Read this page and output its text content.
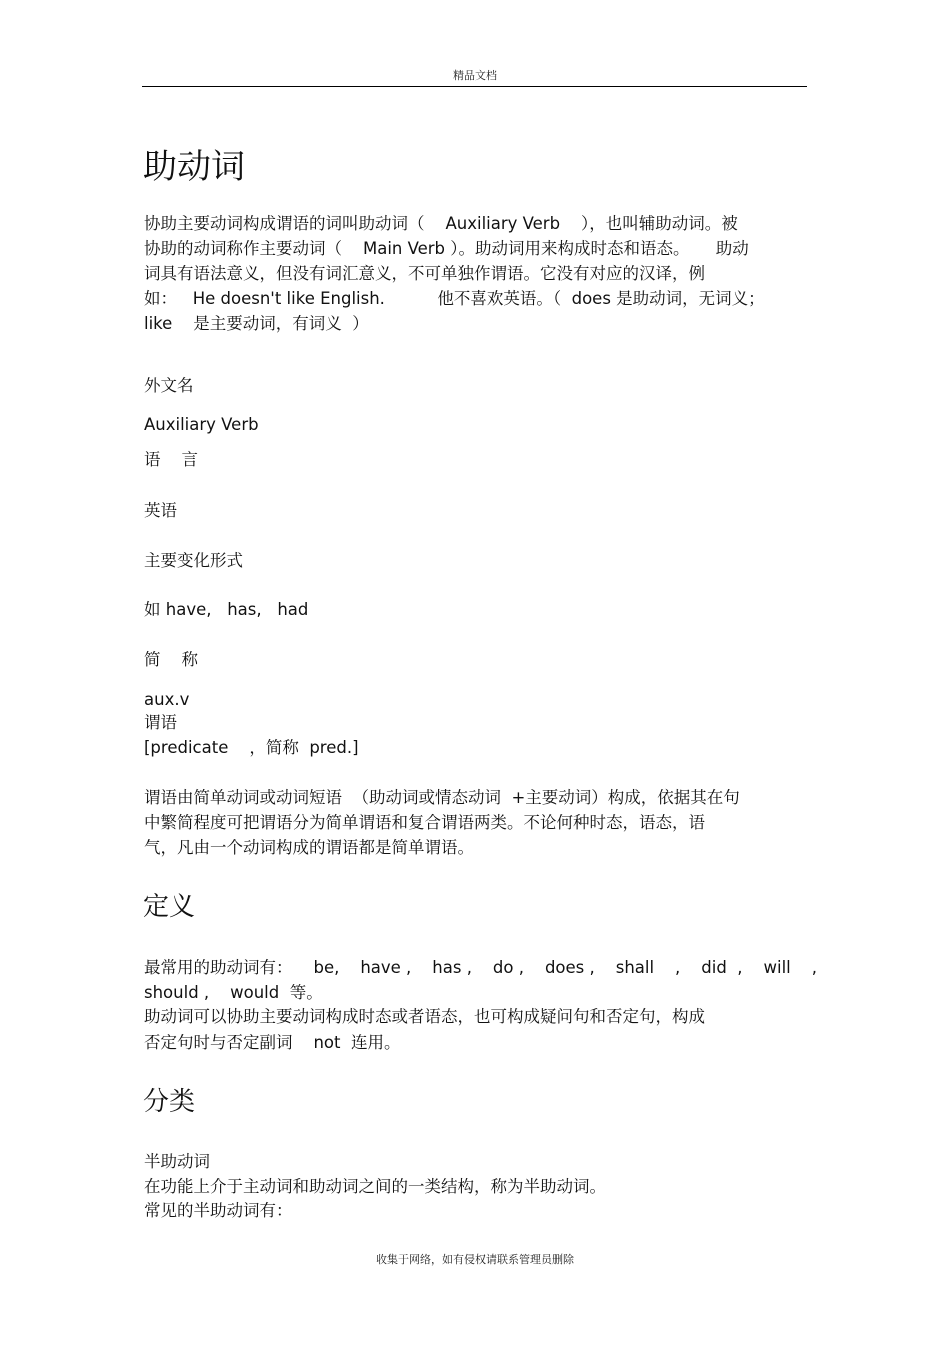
精品文档
助动词
协助主要动词构成谓语的词叫助动词（    Auxiliary Verb    ），也叫辅助动词。被
协助的动词称作主要动词（    Main Verb ）。助动词用来构成时态和语态。     助动
词具有语法意义，但没有词汇意义，不可单独作谓语。它没有对应的汉译，例
如：   He doesn't like English.          他不喜欢英语。（  does 是助动词，无词义；
like    是主要动词，有词义  ）
外文名
Auxiliary Verb
语    言
英语
主要变化形式
如 have,   has,   had
简    称
aux.v
谓语
[predicate    ，简称  pred.]
谓语由简单动词或动词短语  （助动词或情态动词  +主要动词）构成，依据其在句
中繁简程度可把谓语分为简单谓语和复合谓语两类。不论何种时态，语态，语
气，凡由一个动词构成的谓语都是简单谓语。
定义
最常用的助动词有：    be,    have ,    has ,    do ,    does ,    shall    ,    did  ,    will    ,
should ,    would  等。
助动词可以协助主要动词构成时态或者语态，也可构成疑问句和否定句，构成
否定句时与否定副词    not  连用。
分类
半助动词
在功能上介于主动词和助动词之间的一类结构，称为半助动词。
常见的半助动词有：
收集于网络，如有侵权请联系管理员删除
